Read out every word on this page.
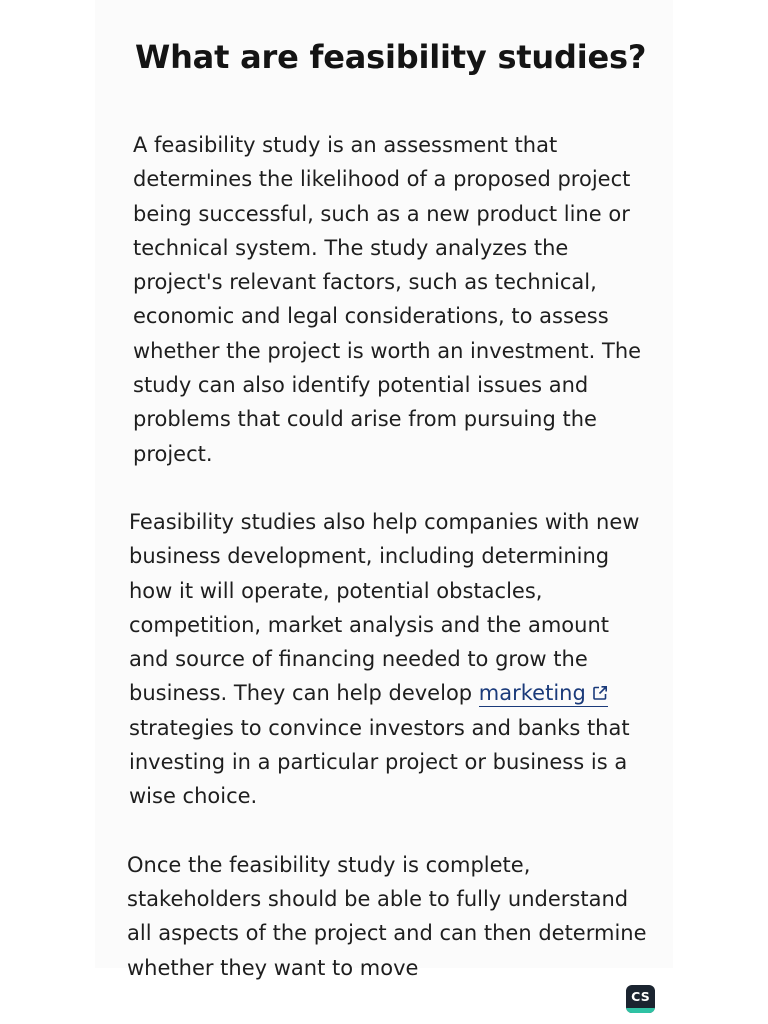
What are feasibility studies?

A feasibility study is an assessment that determines the likelihood of a proposed project being successful, such as a new product line or technical system. The study analyzes the project's relevant factors, such as technical, economic and legal considerations, to assess whether the project is worth an investment. The study can also identify potential issues and problems that could arise from pursuing the project.

Feasibility studies also help companies with new business development, including determining how it will operate, potential obstacles, competition, market analysis and the amount and source of financing needed to grow the business. They can help develop marketing strategies to convince investors and banks that investing in a particular project or business is a wise choice.

Once the feasibility study is complete, stakeholders should be able to fully understand all aspects of the project and can then determine whether they want to move

CS
